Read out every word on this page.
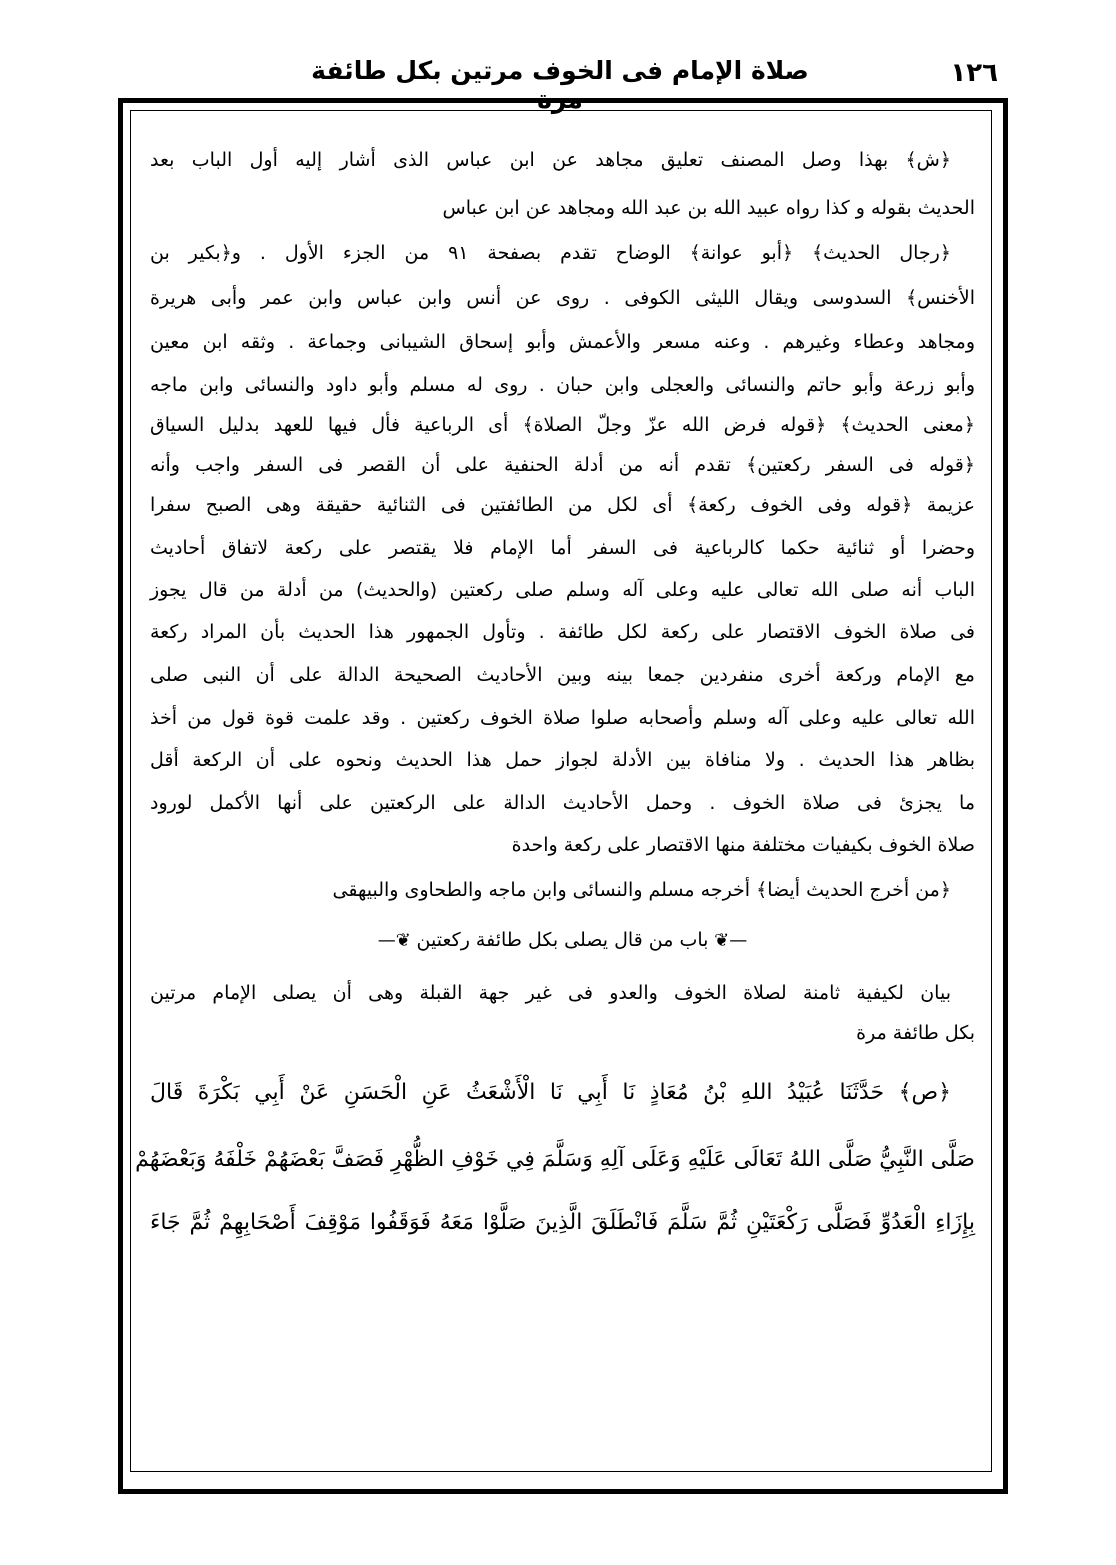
١٢٦
صلاة الإمام فى الخوف مرتين بكل طائفة مرة
﴿ش﴾ بهذا وصل المصنف تعليق مجاهد عن ابن عباس الذى أشار إليه أول الباب بعد
الحديث بقوله و كذا رواه عبيد الله بن عبد الله ومجاهد عن ابن عباس
﴿رجال الحديث﴾ ﴿أبو عوانة﴾ الوضاح تقدم بصفحة ٩١ من الجزء الأول . و﴿بكير بن
الأخنس﴾ السدوسى ويقال الليثى الكوفى . روى عن أنس وابن عباس وابن عمر وأبى هريرة
ومجاهد وعطاء وغيرهم . وعنه مسعر والأعمش وأبو إسحاق الشيبانى وجماعة . وثقه ابن معين
وأبو زرعة وأبو حاتم والنسائى والعجلى وابن حبان . روى له مسلم وأبو داود والنسائى وابن ماجه
﴿معنى الحديث﴾ ﴿قوله فرض الله عزّ وجلّ الصلاة﴾ أى الرباعية فأل فيها للعهد بدليل السياق
﴿قوله فى السفر ركعتين﴾ تقدم أنه من أدلة الحنفية على أن القصر فى السفر واجب وأنه
عزيمة ﴿قوله وفى الخوف ركعة﴾ أى لكل من الطائفتين فى الثنائية حقيقة وهى الصبح سفرا
وحضرا أو ثنائية حكما كالرباعية فى السفر أما الإمام فلا يقتصر على ركعة لاتفاق أحاديث
الباب أنه صلى الله تعالى عليه وعلى آله وسلم صلى ركعتين (والحديث) من أدلة من قال يجوز
فى صلاة الخوف الاقتصار على ركعة لكل طائفة . وتأول الجمهور هذا الحديث بأن المراد ركعة
مع الإمام وركعة أخرى منفردين جمعا بينه وبين الأحاديث الصحيحة الدالة على أن النبى صلى
الله تعالى عليه وعلى آله وسلم وأصحابه صلوا صلاة الخوف ركعتين . وقد علمت قوة قول من أخذ
بظاهر هذا الحديث . ولا منافاة بين الأدلة لجواز حمل هذا الحديث ونحوه على أن الركعة أقل
ما يجزئ فى صلاة الخوف . وحمل الأحاديث الدالة على الركعتين على أنها الأكمل لورود
صلاة الخوف بكيفيات مختلفة منها الاقتصار على ركعة واحدة
﴿من أخرج الحديث أيضا﴾ أخرجه مسلم والنسائى وابن ماجه والطحاوى والبيهقى
—❦ باب من قال يصلى بكل طائفة ركعتين ❦—
بيان لكيفية ثامنة لصلاة الخوف والعدو فى غير جهة القبلة وهى أن يصلى الإمام مرتين
بكل طائفة مرة
﴿ص﴾ حَدَّثَنَا عُبَيْدُ اللهِ بْنُ مُعَاذٍ نَا أَبِي نَا الْأَشْعَثُ عَنِ الْحَسَنِ عَنْ أَبِي بَكْرَةَ قَالَ
صَلَّى النَّبِيُّ صَلَّى اللهُ تَعَالَى عَلَيْهِ وَعَلَى آلِهِ وَسَلَّمَ فِي خَوْفِ الظُّهْرِ فَصَفَّ بَعْضَهُمْ خَلْفَهُ وَبَعْضَهُمْ
بِإِزَاءِ الْعَدُوِّ فَصَلَّى رَكْعَتَيْنِ ثُمَّ سَلَّمَ فَانْطَلَقَ الَّذِينَ صَلَّوْا مَعَهُ فَوَقَفُوا مَوْقِفَ أَصْحَابِهِمْ ثُمَّ جَاءَ
